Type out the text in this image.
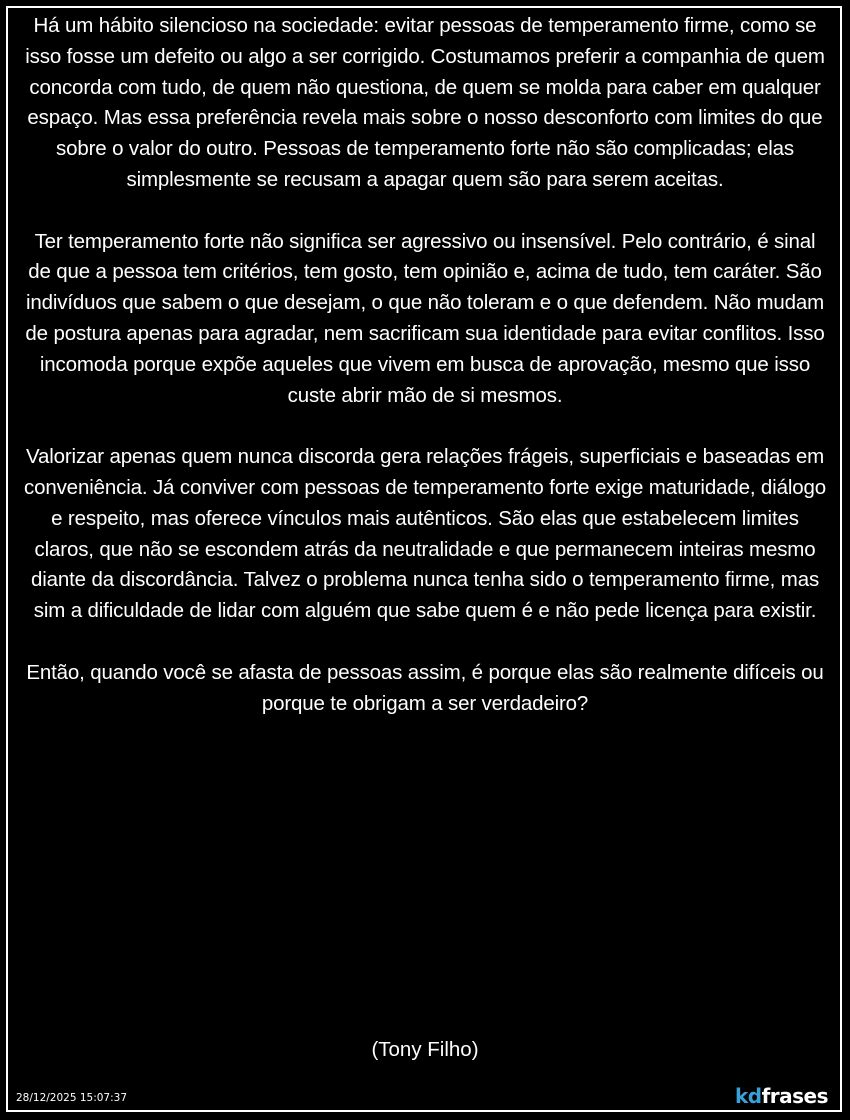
Há um hábito silencioso na sociedade: evitar pessoas de temperamento firme, como se isso fosse um defeito ou algo a ser corrigido. Costumamos preferir a companhia de quem concorda com tudo, de quem não questiona, de quem se molda para caber em qualquer espaço. Mas essa preferência revela mais sobre o nosso desconforto com limites do que sobre o valor do outro. Pessoas de temperamento forte não são complicadas; elas simplesmente se recusam a apagar quem são para serem aceitas.

Ter temperamento forte não significa ser agressivo ou insensível. Pelo contrário, é sinal de que a pessoa tem critérios, tem gosto, tem opinião e, acima de tudo, tem caráter. São indivíduos que sabem o que desejam, o que não toleram e o que defendem. Não mudam de postura apenas para agradar, nem sacrificam sua identidade para evitar conflitos. Isso incomoda porque expõe aqueles que vivem em busca de aprovação, mesmo que isso custe abrir mão de si mesmos.

Valorizar apenas quem nunca discorda gera relações frágeis, superficiais e baseadas em conveniência. Já conviver com pessoas de temperamento forte exige maturidade, diálogo e respeito, mas oferece vínculos mais autênticos. São elas que estabelecem limites claros, que não se escondem atrás da neutralidade e que permanecem inteiras mesmo diante da discordância. Talvez o problema nunca tenha sido o temperamento firme, mas sim a dificuldade de lidar com alguém que sabe quem é e não pede licença para existir.

Então, quando você se afasta de pessoas assim, é porque elas são realmente difíceis ou porque te obrigam a ser verdadeiro?

(Tony Filho)
28/12/2025 15:07:37	kdfrases
